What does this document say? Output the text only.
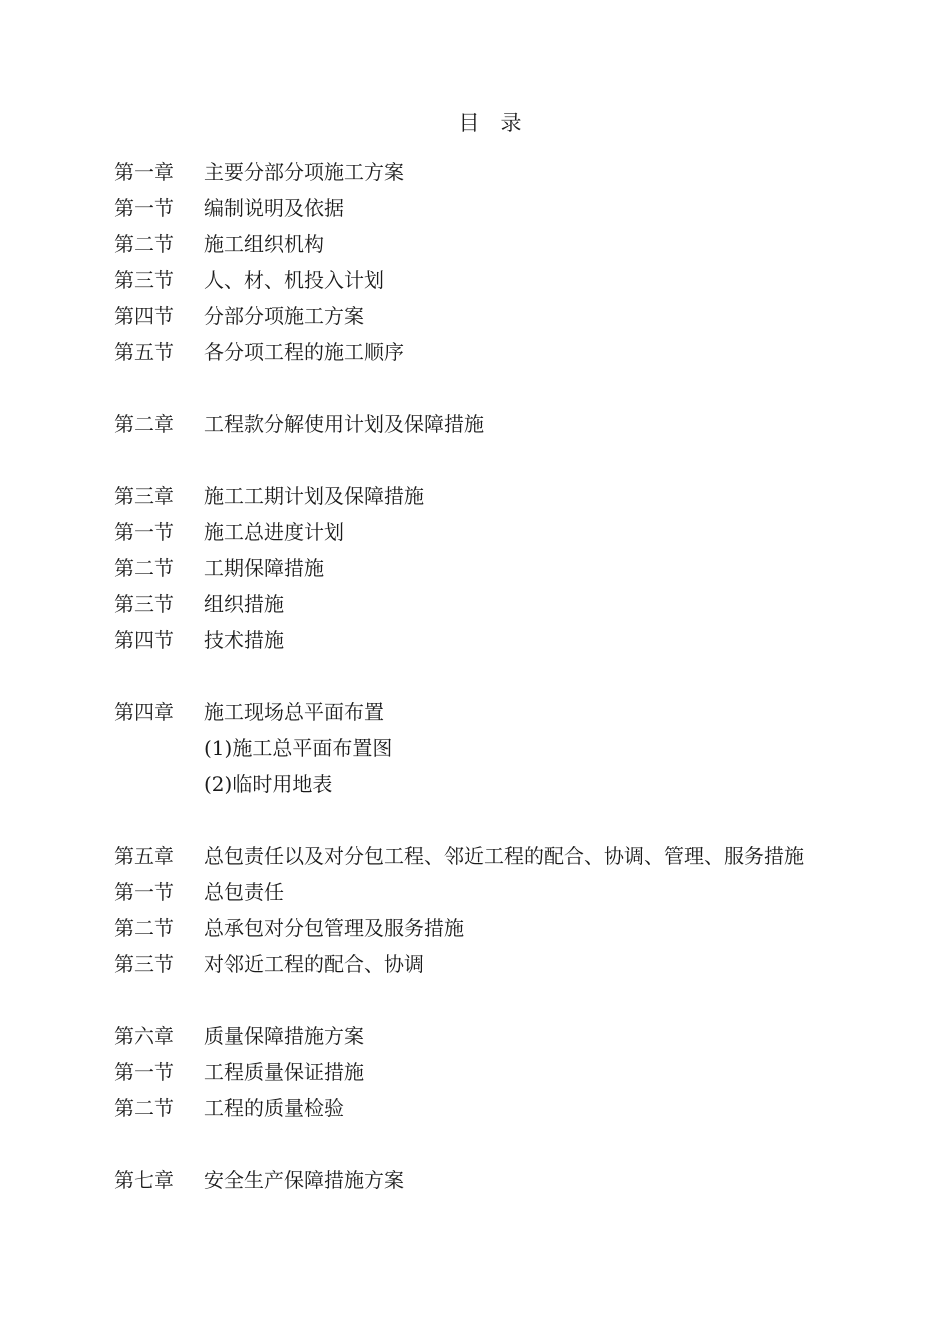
目　录
第一章	主要分部分项施工方案
第一节	编制说明及依据
第二节	施工组织机构
第三节	人、材、机投入计划
第四节	分部分项施工方案
第五节	各分项工程的施工顺序
第二章	工程款分解使用计划及保障措施
第三章	施工工期计划及保障措施
第一节	施工总进度计划
第二节	工期保障措施
第三节	组织措施
第四节	技术措施
第四章	施工现场总平面布置
(1)施工总平面布置图
(2)临时用地表
第五章	总包责任以及对分包工程、邻近工程的配合、协调、管理、服务措施
第一节	总包责任
第二节	总承包对分包管理及服务措施
第三节	对邻近工程的配合、协调
第六章	质量保障措施方案
第一节	工程质量保证措施
第二节	工程的质量检验
第七章	安全生产保障措施方案
